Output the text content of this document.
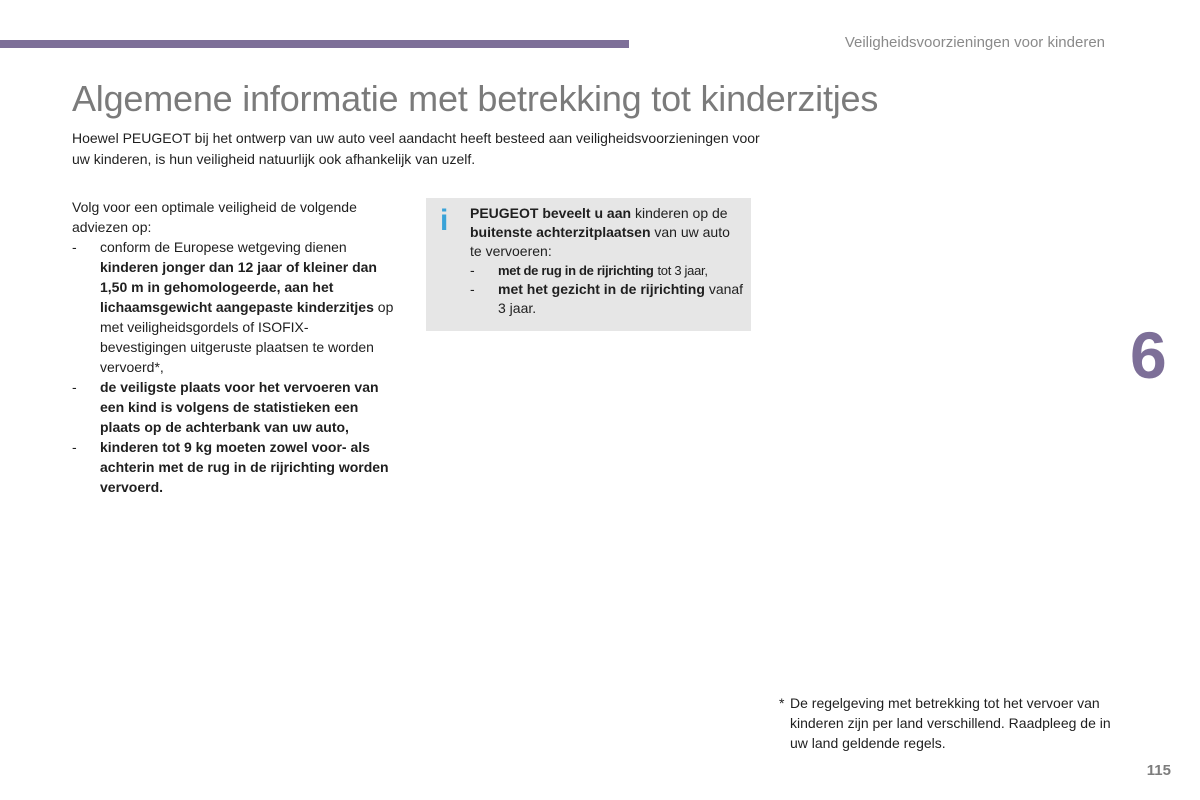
Veiligheidsvoorzieningen voor kinderen
Algemene informatie met betrekking tot kinderzitjes

Hoewel PEUGEOT bij het ontwerp van uw auto veel aandacht heeft besteed aan veiligheidsvoorzieningen voor uw kinderen, is hun veiligheid natuurlijk ook afhankelijk van uzelf.

Volg voor een optimale veiligheid de volgende adviezen op:

- conform de Europese wetgeving dienen kinderen jonger dan 12 jaar of kleiner dan 1,50 m in gehomologeerde, aan het lichaamsgewicht aangepaste kinderzitjes op met veiligheidsgordels of ISOFIX-bevestigingen uitgeruste plaatsen te worden vervoerd*,
- de veiligste plaats voor het vervoeren van een kind is volgens de statistieken een plaats op de achterbank van uw auto,
- kinderen tot 9 kg moeten zowel voor- als achterin met de rug in de rijrichting worden vervoerd.
i PEUGEOT beveelt u aan kinderen op de buitenste achterzitplaatsen van uw auto te vervoeren:

- met de rug in de rijrichting tot 3 jaar,
- met het gezicht in de rijrichting vanaf 3 jaar.
6
* De regelgeving met betrekking tot het vervoer van kinderen zijn per land verschillend. Raadpleeg de in uw land geldende regels.
115
